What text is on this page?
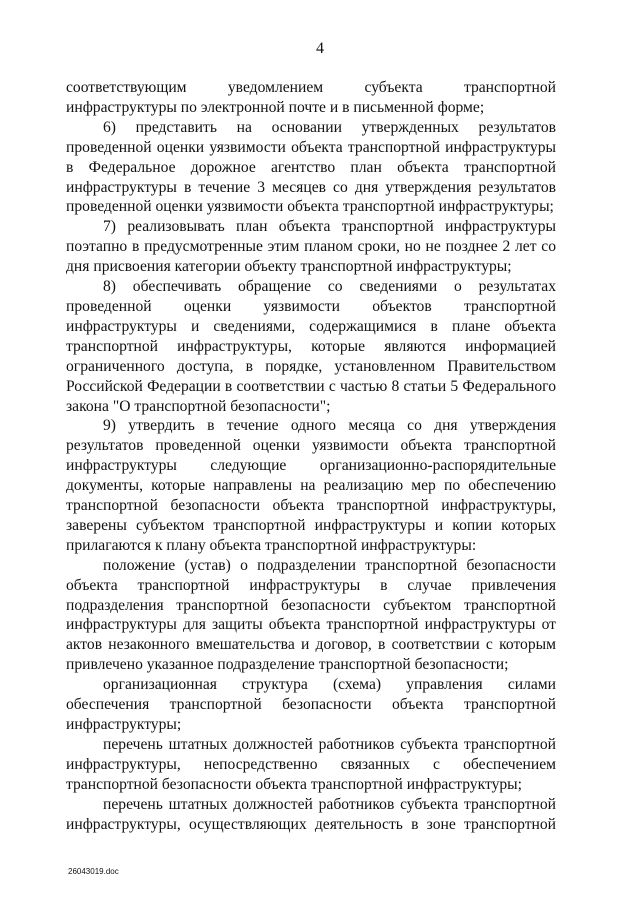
4

соответствующим уведомлением субъекта транспортной инфраструктуры по электронной почте и в письменной форме;

6) представить на основании утвержденных результатов проведенной оценки уязвимости объекта транспортной инфраструктуры в Федеральное дорожное агентство план объекта транспортной инфраструктуры в течение 3 месяцев со дня утверждения результатов проведенной оценки уязвимости объекта транспортной инфраструктуры;

7) реализовывать план объекта транспортной инфраструктуры поэтапно в предусмотренные этим планом сроки, но не позднее 2 лет со дня присвоения категории объекту транспортной инфраструктуры;

8) обеспечивать обращение со сведениями о результатах проведенной оценки уязвимости объектов транспортной инфраструктуры и сведениями, содержащимися в плане объекта транспортной инфраструктуры, которые являются информацией ограниченного доступа, в порядке, установленном Правительством Российской Федерации в соответствии с частью 8 статьи 5 Федерального закона "О транспортной безопасности";

9) утвердить в течение одного месяца со дня утверждения результатов проведенной оценки уязвимости объекта транспортной инфраструктуры следующие организационно-распорядительные документы, которые направлены на реализацию мер по обеспечению транспортной безопасности объекта транспортной инфраструктуры, заверены субъектом транспортной инфраструктуры и копии которых прилагаются к плану объекта транспортной инфраструктуры:

положение (устав) о подразделении транспортной безопасности объекта транспортной инфраструктуры в случае привлечения подразделения транспортной безопасности субъектом транспортной инфраструктуры для защиты объекта транспортной инфраструктуры от актов незаконного вмешательства и договор, в соответствии с которым привлечено указанное подразделение транспортной безопасности;

организационная структура (схема) управления силами обеспечения транспортной безопасности объекта транспортной инфраструктуры;

перечень штатных должностей работников субъекта транспортной инфраструктуры, непосредственно связанных с обеспечением транспортной безопасности объекта транспортной инфраструктуры;

перечень штатных должностей работников субъекта транспортной инфраструктуры, осуществляющих деятельность в зоне транспортной

26043019.doc
